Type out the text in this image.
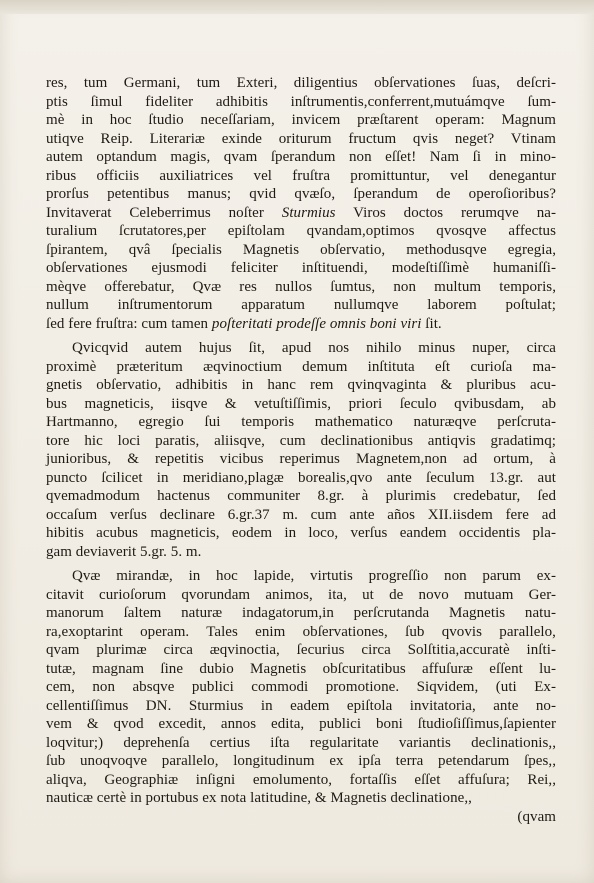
res, tum Germani, tum Exteri, diligentius obſervationes ſuas, deſcri-
ptis ſimul fideliter adhibitis inſtrumentis,conferrent,mutuámqve ſum-
mè in hoc ſtudio neceſſariam, invicem præſtarent operam: Magnum
utiqve Reip. Literariæ exinde oriturum fructum qvis neget? Vtinam
autem optandum magis, qvam ſperandum non eſſet! Nam ſi in mino-
ribus officiis auxiliatrices vel fruſtra promittuntur, vel denegantur
prorſus petentibus manus; qvid qvæſo, ſperandum de operoſioribus?
Invitaverat Celeberrimus noſter Sturmius Viros doctos rerumqve na-
turalium ſcrutatores,per epiſtolam qvandam,optimos qvosqve affectus
ſpirantem, qvâ ſpecialis Magnetis obſervatio, methodusqve egregia,
obſervationes ejusmodi feliciter inſtituendi, modeſtiſſimè humaniſſi-
mèqve offerebatur, Qvæ res nullos ſumtus, non multum temporis,
nullum inſtrumentorum apparatum nullumqve laborem poſtulat;
ſed fere fruſtra: cum tamen poſteritati prodeſſe omnis boni viri ſit.
Qvicqvid autem hujus ſit, apud nos nihilo minus nuper, circa
proximè præteritum æqvinoctium demum inſtituta eſt curioſa ma-
gnetis obſervatio, adhibitis in hanc rem qvinqvaginta & pluribus acu-
bus magneticis, iisqve & vetuſtiſſimis, priori ſeculo qvibusdam, ab
Hartmanno, egregio ſui temporis mathematico naturæqve perſcruta-
tore hic loci paratis, aliisqve, cum declinationibus antiqvis gradatimq;
junioribus, & repetitis vicibus reperimus Magnetem,non ad ortum, à
puncto ſcilicet in meridiano,plagæ borealis,qvo ante ſeculum 13.gr. aut
qvemadmodum hactenus communiter 8.gr. à plurimis credebatur, ſed
occaſum verſus declinare 6.gr.37 m. cum ante años XII.iisdem fere ad
hibitis acubus magneticis, eodem in loco, verſus eandem occidentis pla-
gam deviaverit 5.gr. 5. m.
Qvæ mirandæ, in hoc lapide, virtutis progreſſio non parum ex-
citavit curioſorum qvorundam animos, ita, ut de novo mutuam Ger-
manorum ſaltem naturæ indagatorum,in perſcrutanda Magnetis natu-
ra,exoptarint operam. Tales enim obſervationes, ſub qvovis parallelo,
qvam plurimæ circa æqvinoctia, ſecurius circa Solſtitia,accuratè inſti-
tutæ, magnam ſine dubio Magnetis obſcuritatibus affuſuræ eſſent lu-
cem, non absqve publici commodi promotione. Siqvidem, (uti Ex-
cellentiſſimus DN. Sturmius in eadem epiſtola invitatoria, ante no-
vem & qvod excedit, annos edita, publici boni ſtudioſiſſimus,ſapienter
loqvitur;) deprehenſa certius iſta regularitate variantis declinationis,,
ſub unoqvoqve parallelo, longitudinum ex ipſa terra petendarum ſpes,,
aliqva, Geographiæ inſigni emolumento, fortaſſis eſſet affuſura; Rei,,
nauticæ certè in portubus ex nota latitudine, & Magnetis declinatione,,
(qvam
